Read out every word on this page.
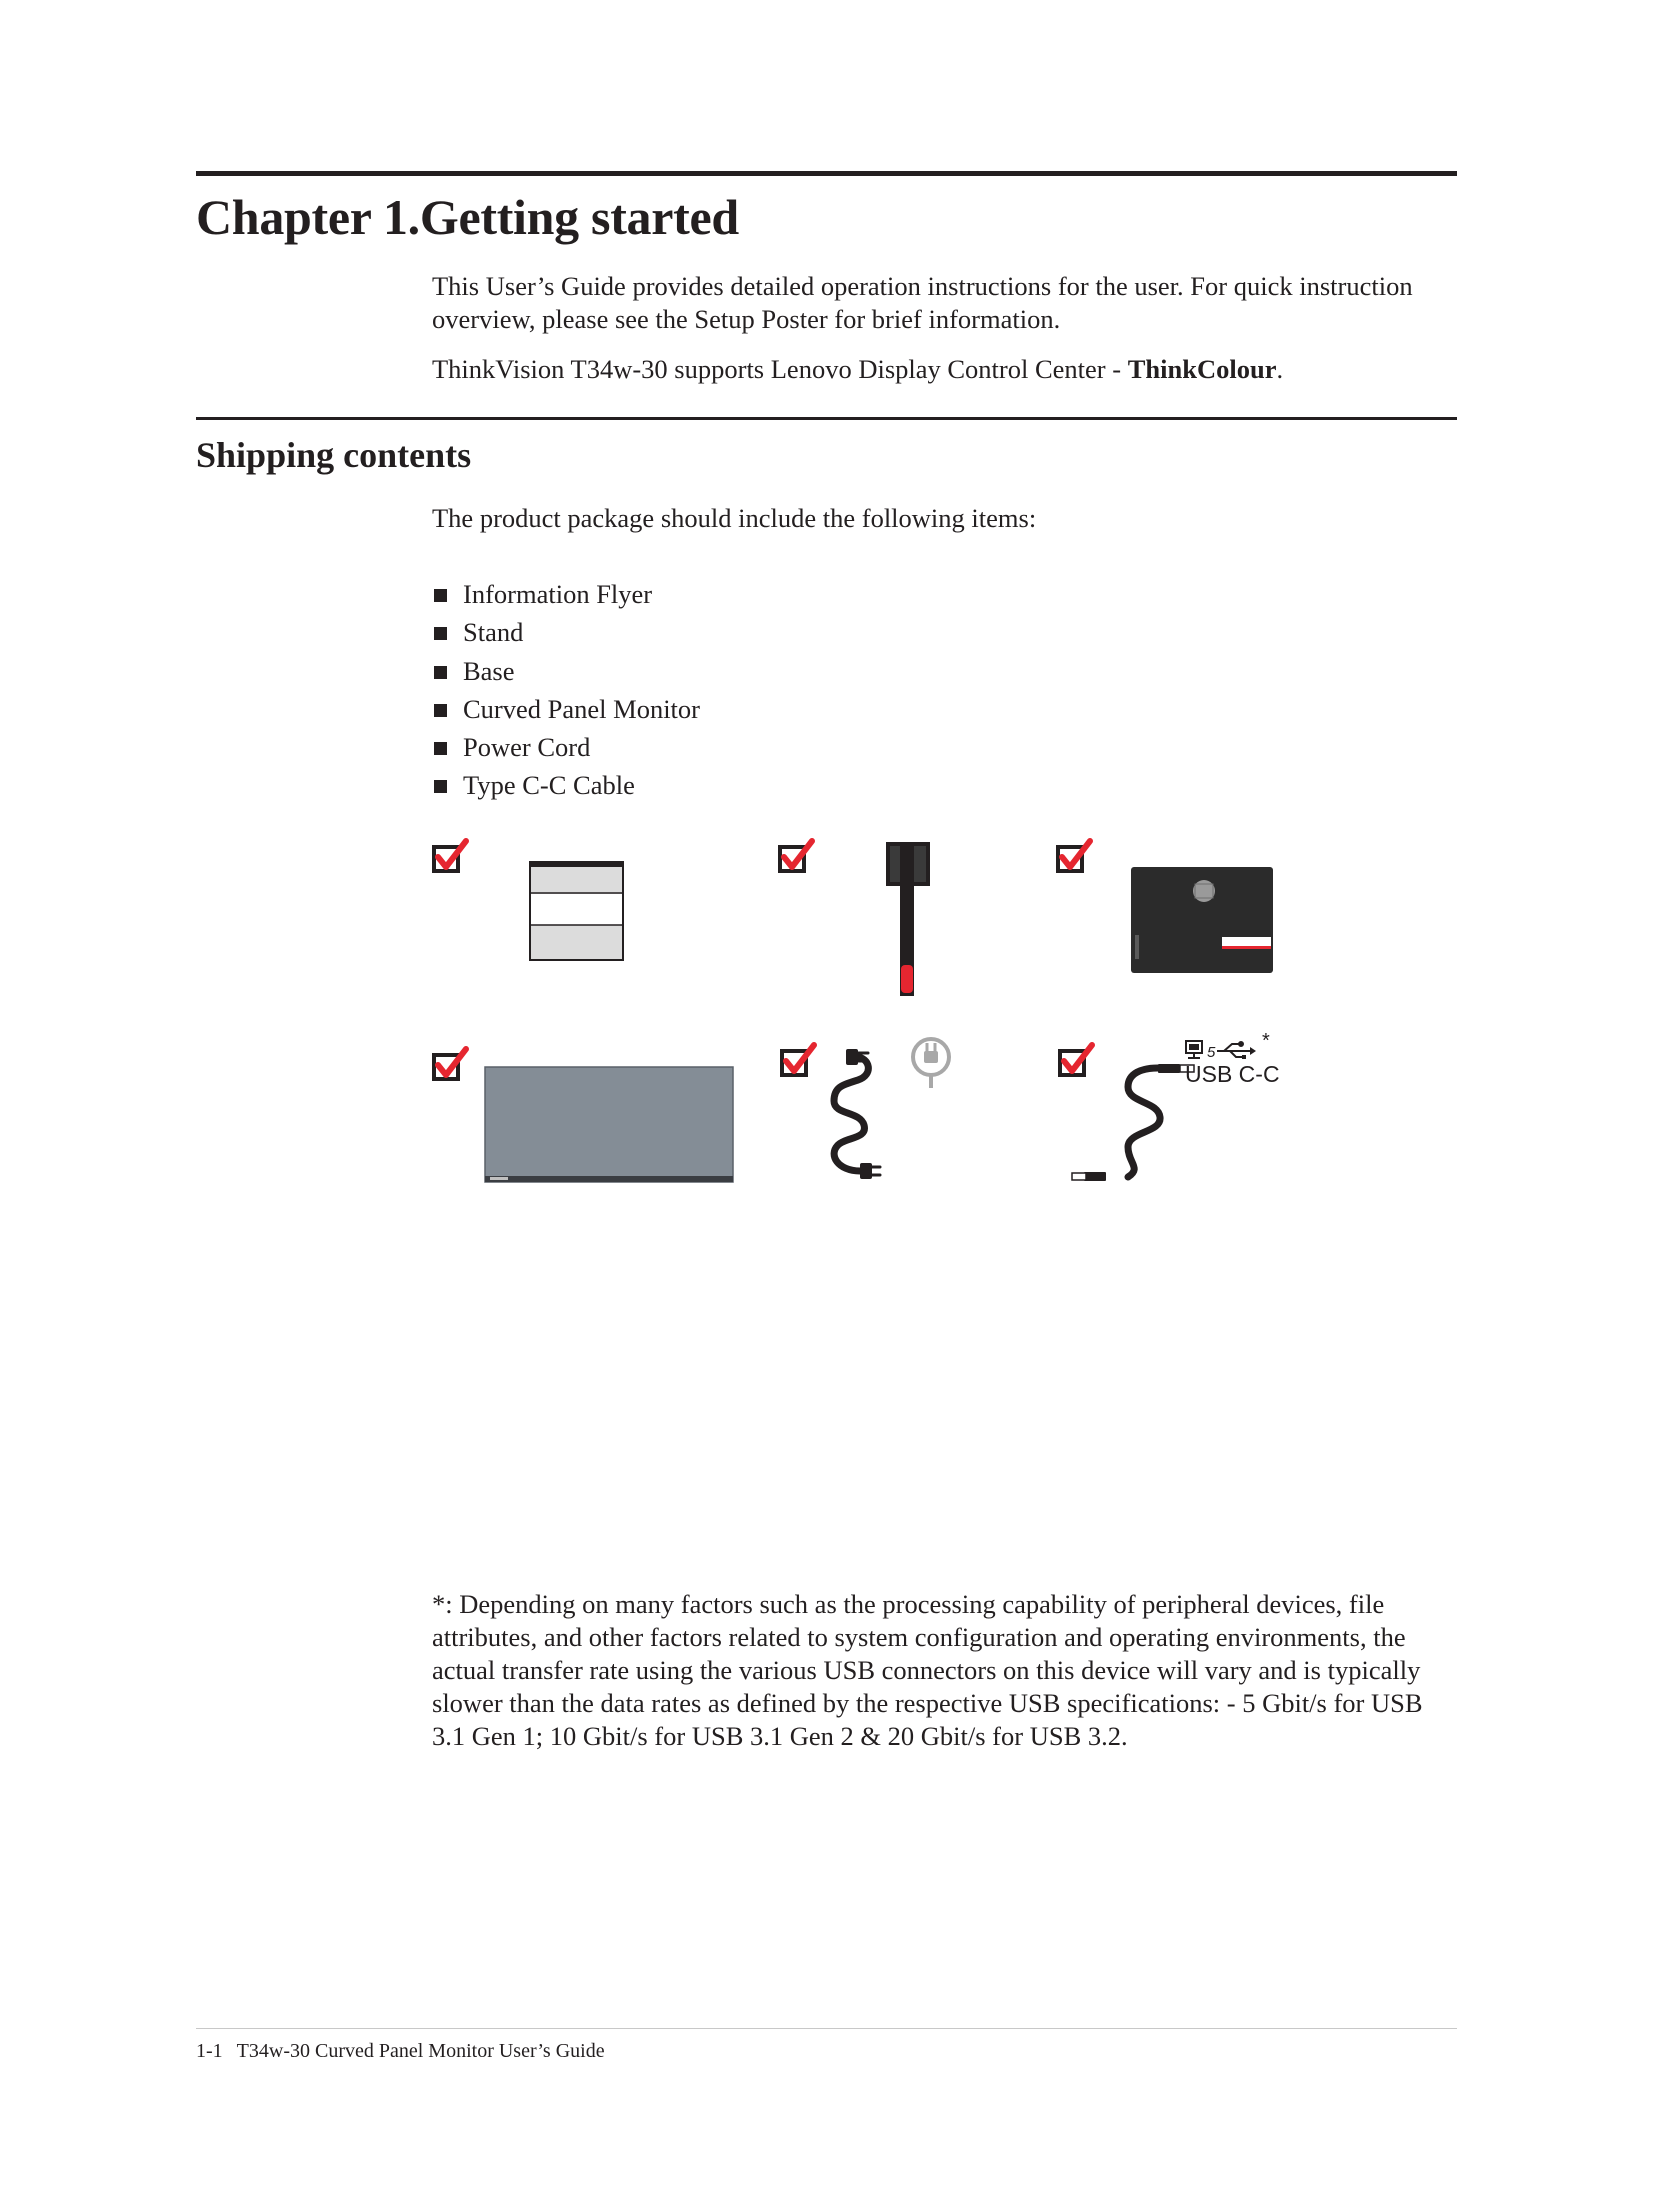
Chapter 1.Getting started

This User’s Guide provides detailed operation instructions for the user. For quick instruction overview, please see the Setup Poster for brief information.

ThinkVision T34w-30 supports Lenovo Display Control Center - ThinkColour.

Shipping contents

The product package should include the following items:

Information Flyer
Stand
Base
Curved Panel Monitor
Power Cord
Type C-C Cable
5
*
USB C-C

*: Depending on many factors such as the processing capability of peripheral devices, file attributes, and other factors related to system configuration and operating environments, the actual transfer rate using the various USB connectors on this device will vary and is typically slower than the data rates as defined by the respective USB specifications: - 5 Gbit/s for USB 3.1 Gen 1; 10 Gbit/s for USB 3.1 Gen 2 & 20 Gbit/s for USB 3.2.

1-1 T34w-30 Curved Panel Monitor User’s Guide
